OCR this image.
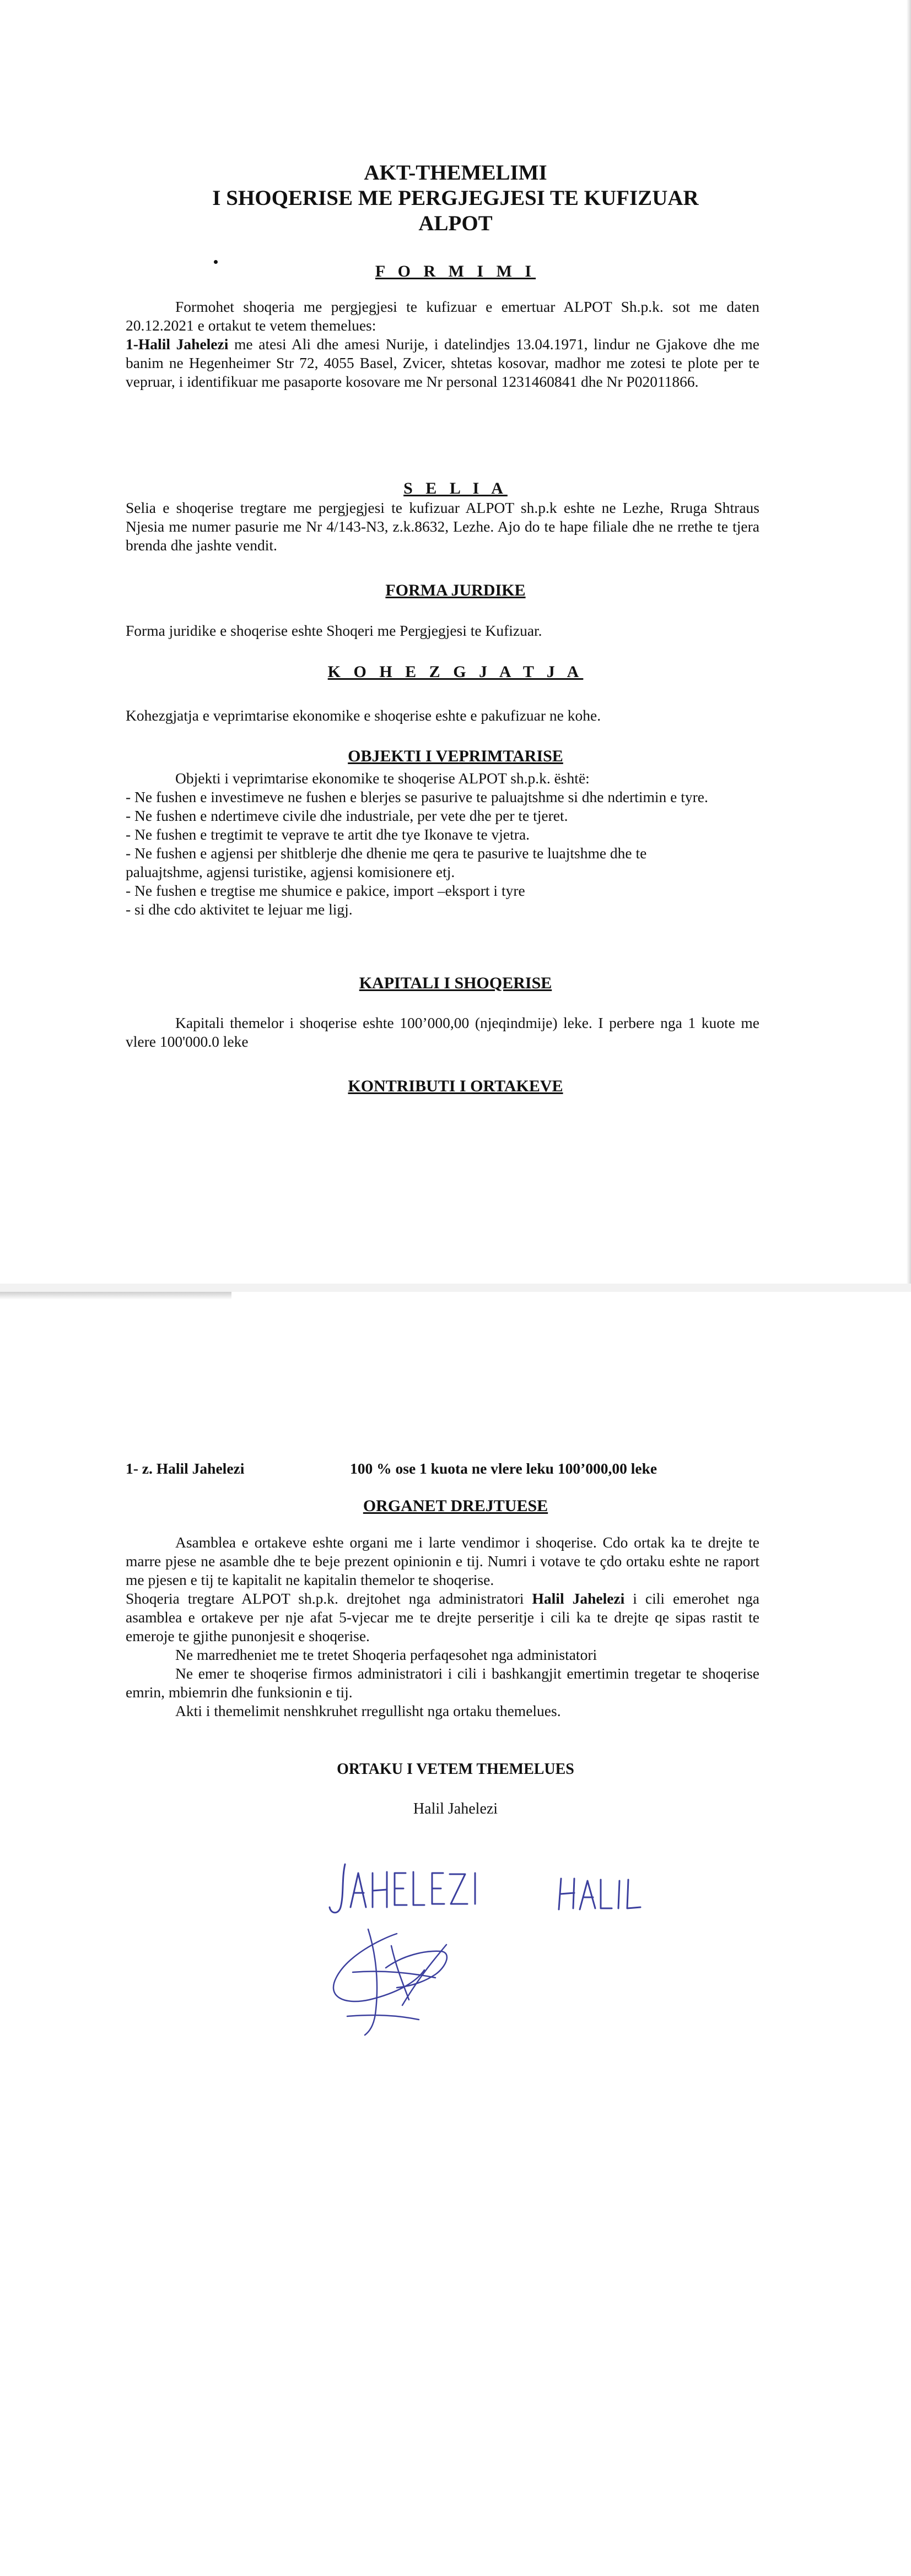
AKT-THEMELIMI
I SHOQERISE ME PERGJEGJESI TE KUFIZUAR
ALPOT
F O R M I M I

Formohet shoqeria me pergjegjesi te kufizuar e emertuar ALPOT Sh.p.k. sot me daten 20.12.2021 e ortakut te vetem themelues:

1-Halil Jahelezi me atesi Ali dhe amesi Nurije, i datelindjes 13.04.1971, lindur ne Gjakove dhe me banim ne Hegenheimer Str 72, 4055 Basel, Zvicer, shtetas kosovar, madhor me zotesi te plote per te vepruar, i identifikuar me pasaporte kosovare me Nr personal 1231460841 dhe Nr P02011866.

S E L I A

Selia e shoqerise tregtare me pergjegjesi te kufizuar ALPOT sh.p.k eshte ne Lezhe, Rruga Shtraus Njesia me numer pasurie me Nr 4/143-N3, z.k.8632, Lezhe. Ajo do te hape filiale dhe ne rrethe te tjera brenda dhe jashte vendit.

FORMA JURDIKE

Forma juridike e shoqerise eshte Shoqeri me Pergjegjesi te Kufizuar.

K O H E Z G J A T J A

Kohezgjatja e veprimtarise ekonomike e shoqerise eshte e pakufizuar ne kohe.

OBJEKTI I VEPRIMTARISE
Objekti i veprimtarise ekonomike te shoqerise ALPOT sh.p.k. është:
- Ne fushen e investimeve ne fushen e blerjes se pasurive te paluajtshme si dhe ndertimin e tyre.
- Ne fushen e ndertimeve civile dhe industriale, per vete dhe per te tjeret.
- Ne fushen e tregtimit te vepravе te artit dhe tye Ikonave te vjetra.
- Ne fushen e agjensi per shitblerje dhe dhenie me qera te pasurive te luajtshme dhe te
paluajtshme, agjensi turistike, agjensi komisionere etj.
- Ne fushen e tregtise me shumice e pakice, import –eksport i tyre
- si dhe cdo aktivitet te lejuar me ligj.
KAPITALI I SHOQERISE

Kapitali themelor i shoqerise eshte 100’000,00 (njeqindmije) leke. I perbere nga 1 kuote me vlere 100'000.0 leke

KONTRIBUTI I ORTAKEVE
1- z. Halil Jahelezi	100 % ose 1 kuota ne vlere leku 100’000,00 leke
ORGANET DREJTUESE

Asamblea e ortakeve eshte organi me i larte vendimor i shoqerise. Cdo ortak ka te drejte te marre pjese ne asamble dhe te beje prezent opinionin e tij. Numri i votave te çdo ortaku eshte ne raport me pjesen e tij te kapitalit ne kapitalin themelor te shoqerise.

Shoqeria tregtare ALPOT sh.p.k. drejtohet nga administratori Halil Jahelezi i cili emerohet nga asamblea e ortakeve per nje afat 5-vjecar me te drejte perseritje i cili ka te drejte qe sipas rastit te emeroje te gjithe punonjesit e shoqerise.

Ne marredheniet me te tretet Shoqeria perfaqesohet nga administatori

Ne emer te shoqerise firmos administratori i cili i bashkangjit emertimin tregetar te shoqerise emrin, mbiemrin dhe funksionin e tij.

Akti i themelimit nenshkruhet rregullisht nga ortaku themelues.
ORTAKU I VETEM THEMELUES
Halil Jahelezi
